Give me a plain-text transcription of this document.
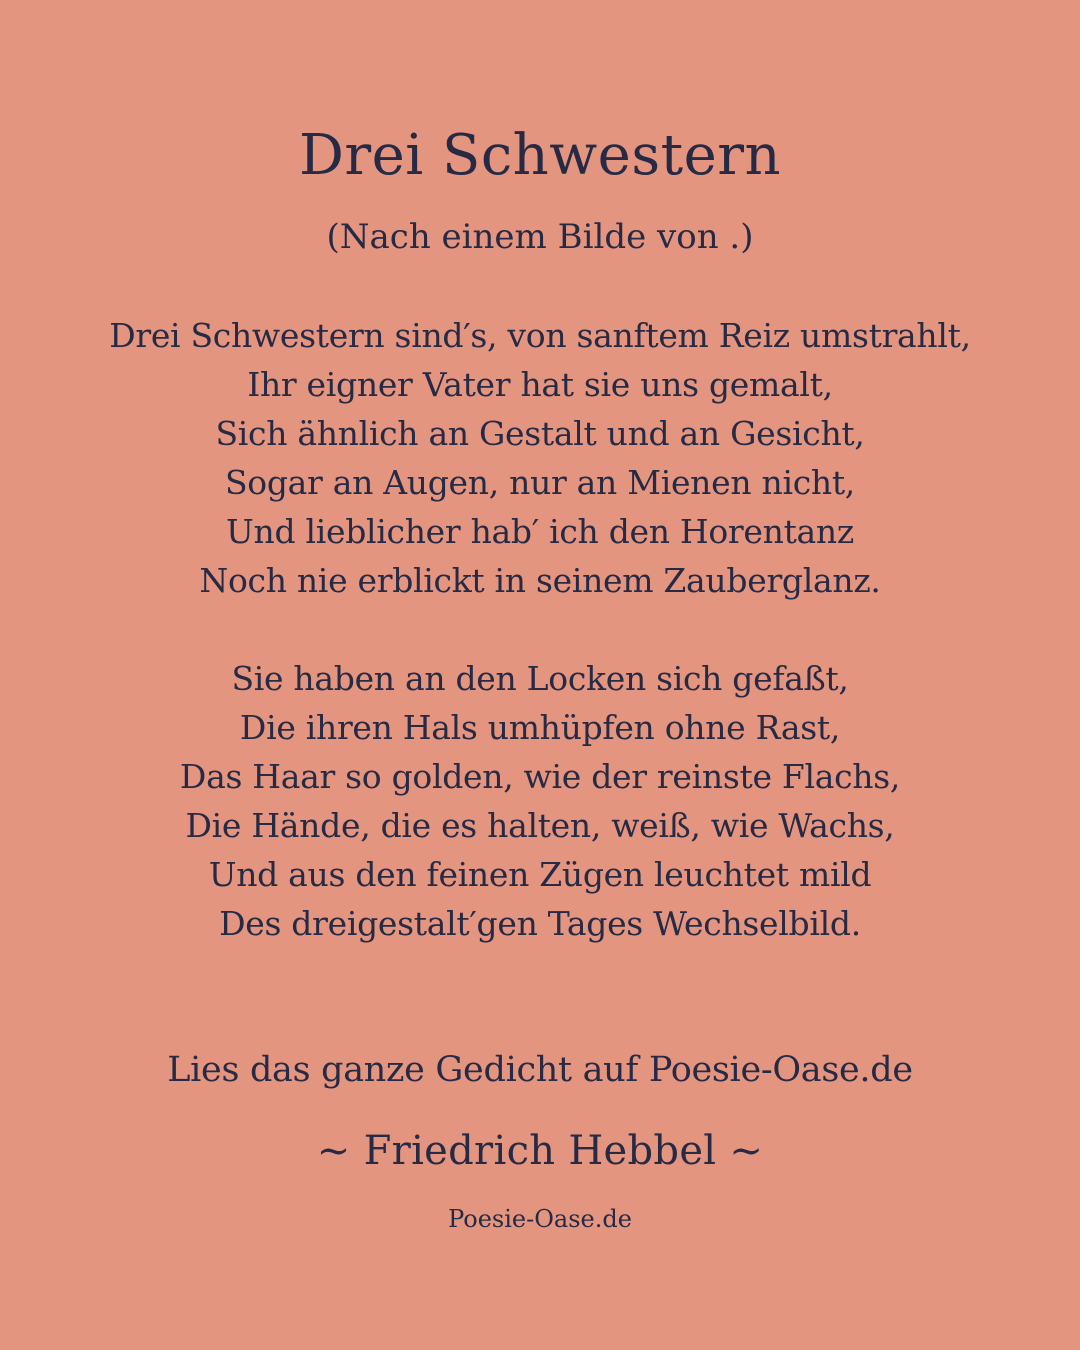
Drei Schwestern

(Nach einem Bilde von .)

Drei Schwestern sind′s, von sanftem Reiz umstrahlt,
Ihr eigner Vater hat sie uns gemalt,
Sich ähnlich an Gestalt und an Gesicht,
Sogar an Augen, nur an Mienen nicht,
Und lieblicher hab′ ich den Horentanz
Noch nie erblickt in seinem Zauberglanz.
Sie haben an den Locken sich gefaßt,
Die ihren Hals umhüpfen ohne Rast,
Das Haar so golden, wie der reinste Flachs,
Die Hände, die es halten, weiß, wie Wachs,
Und aus den feinen Zügen leuchtet mild
Des dreigestalt′gen Tages Wechselbild.

Lies das ganze Gedicht auf Poesie-Oase.de

~ Friedrich Hebbel ~

Poesie-Oase.de
